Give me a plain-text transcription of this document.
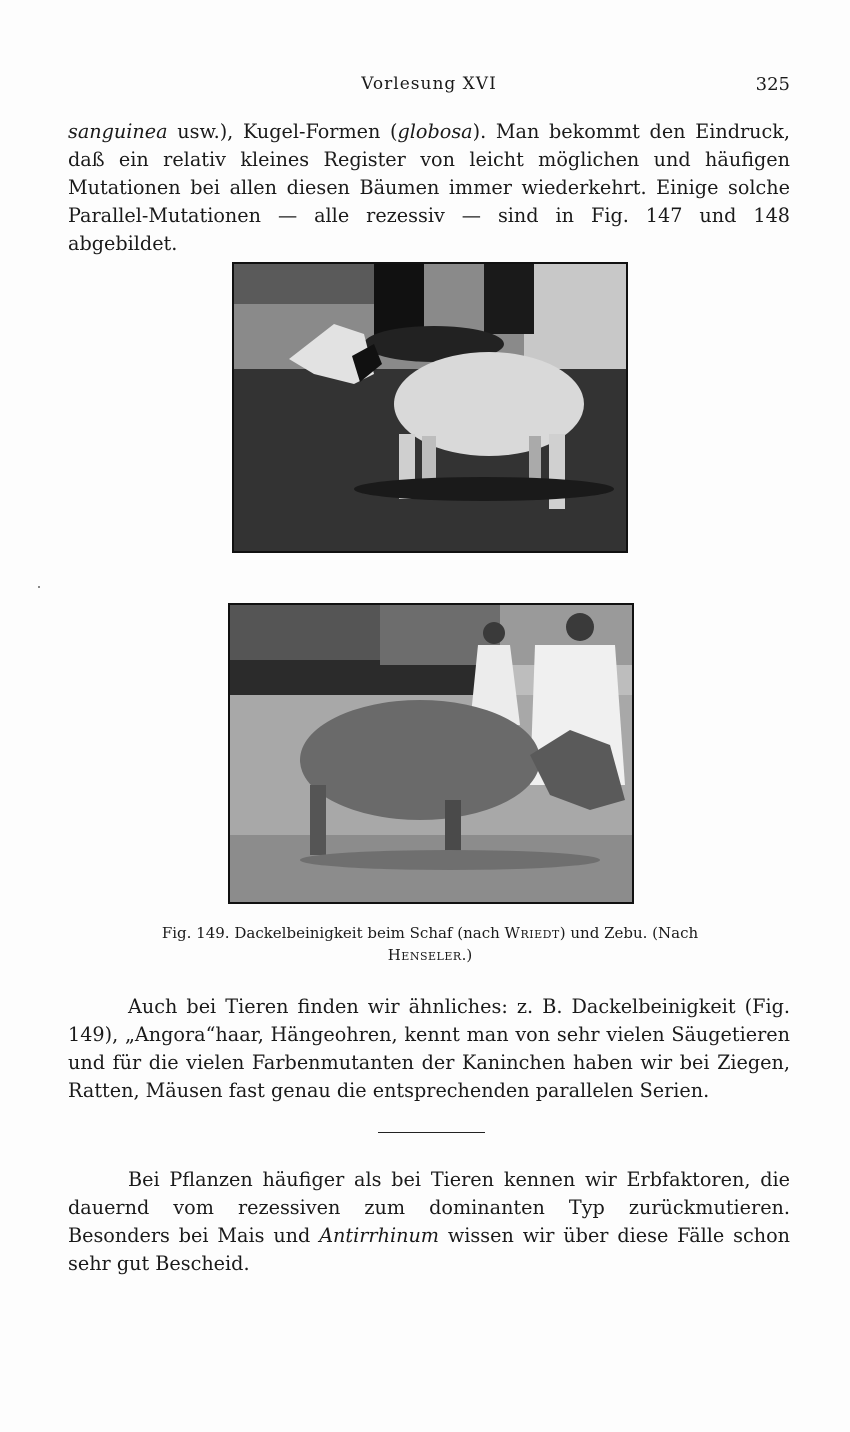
Vorlesung XVI	325

sanguinea usw.), Kugel-Formen (globosa). Man bekommt den Eindruck, daß ein relativ kleines Register von leicht möglichen und häufigen Mutationen bei allen diesen Bäumen immer wiederkehrt. Einige solche Parallel-Mutationen — alle rezessiv — sind in Fig. 147 und 148 abgebildet.

Fig. 149. Dackelbeinigkeit beim Schaf (nach Wriedt) und Zebu. (Nach Henseler.)

Auch bei Tieren finden wir ähnliches: z. B. Dackelbeinigkeit (Fig. 149), „Angora“haar, Hängeohren, kennt man von sehr vielen Säugetieren und für die vielen Farbenmutanten der Kaninchen haben wir bei Ziegen, Ratten, Mäusen fast genau die entsprechenden parallelen Serien.

Bei Pflanzen häufiger als bei Tieren kennen wir Erbfaktoren, die dauernd vom rezessiven zum dominanten Typ zurückmutieren. Besonders bei Mais und Antirrhinum wissen wir über diese Fälle schon sehr gut Bescheid.
